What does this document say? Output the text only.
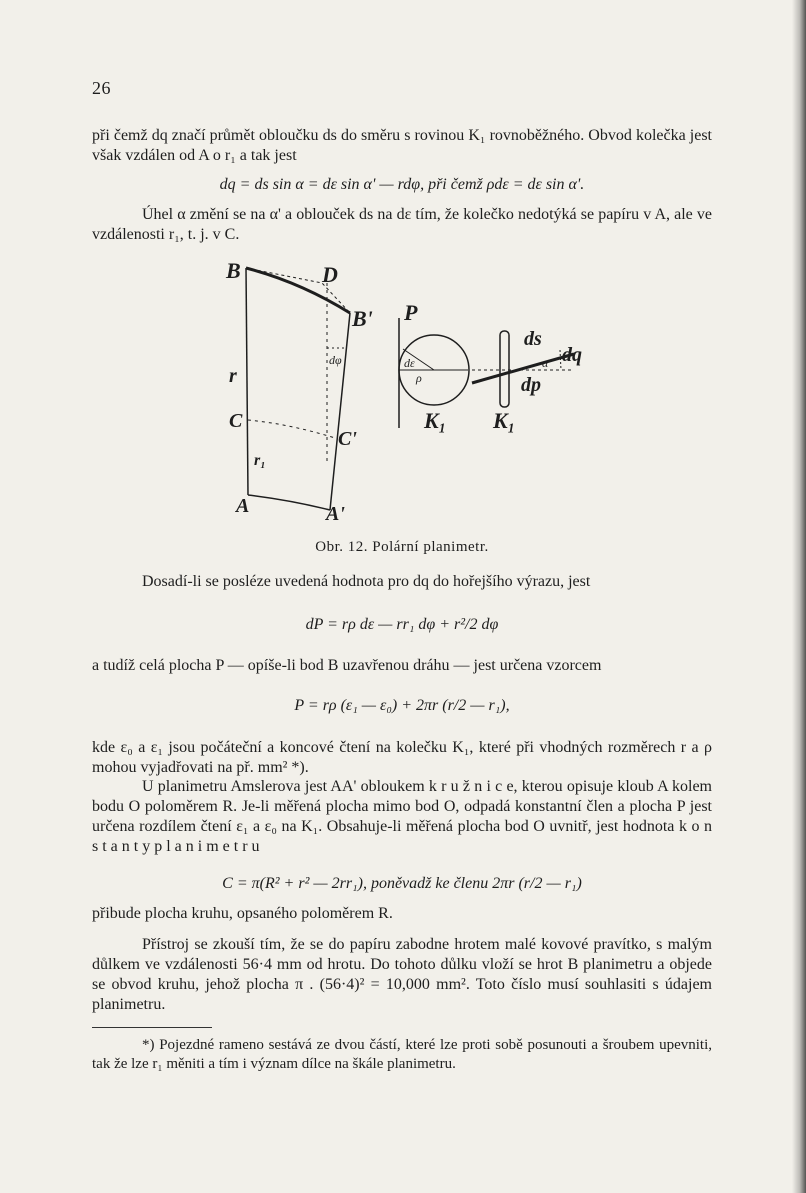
26
při čemž dq značí průmět obloučku ds do směru s rovinou K₁ rovnoběžného. Obvod kolečka jest však vzdálen od A o r₁ a tak jest
dq = ds sin α = dε sin α' — rdφ, při čemž ρdε = dε sin α'.
Úhel α změní se na α' a oblouček ds na dε tím, že kolečko nedotýká se papíru v A, ale ve vzdálenosti r₁, t. j. v C.
B	D
B'
r
dφ
C
C'
r₁
A	A'
P
dε
ρ
K₁ K₁
ds
dq
α
dp
Obr. 12. Polární planimetr.
Dosadí-li se posléze uvedená hodnota pro dq do hořejšího výrazu, jest
dP = rρ dε — rr₁ dφ + r²/2 dφ
a tudíž celá plocha P — opíše-li bod B uzavřenou dráhu — jest určena vzorcem
P = rρ (ε₁ — ε₀) + 2πr (r/2 — r₁),
kde ε₀ a ε₁ jsou počáteční a koncové čtení na kolečku K₁, které při vhodných rozměrech r a ρ mohou vyjadřovati na př. mm² *).
U planimetru Amslerova jest AA' obloukem k r u ž n i c e, kterou opisuje kloub A kolem bodu O poloměrem R. Je-li měřená plocha mimo bod O, odpadá konstantní člen a plocha P jest určena rozdílem čtení ε₁ a ε₀ na K₁. Obsahuje-li měřená plocha bod O uvnitř, jest hodnota k o n s t a n t y p l a n i m e t r u
C = π(R² + r² — 2rr₁), poněvadž ke členu 2πr (r/2 — r₁)
přibude plocha kruhu, opsaného poloměrem R.
Přístroj se zkouší tím, že se do papíru zabodne hrotem malé kovové pravítko, s malým důlkem ve vzdálenosti 56·4 mm od hrotu. Do tohoto důlku vloží se hrot B planimetru a objede se obvod kruhu, jehož plocha π . (56·4)² = 10,000 mm². Toto číslo musí souhlasiti s údajem planimetru.
*) Pojezdné rameno sestává ze dvou částí, které lze proti sobě posunouti a šroubem upevniti, tak že lze r₁ měniti a tím i význam dílce na škále planimetru.
